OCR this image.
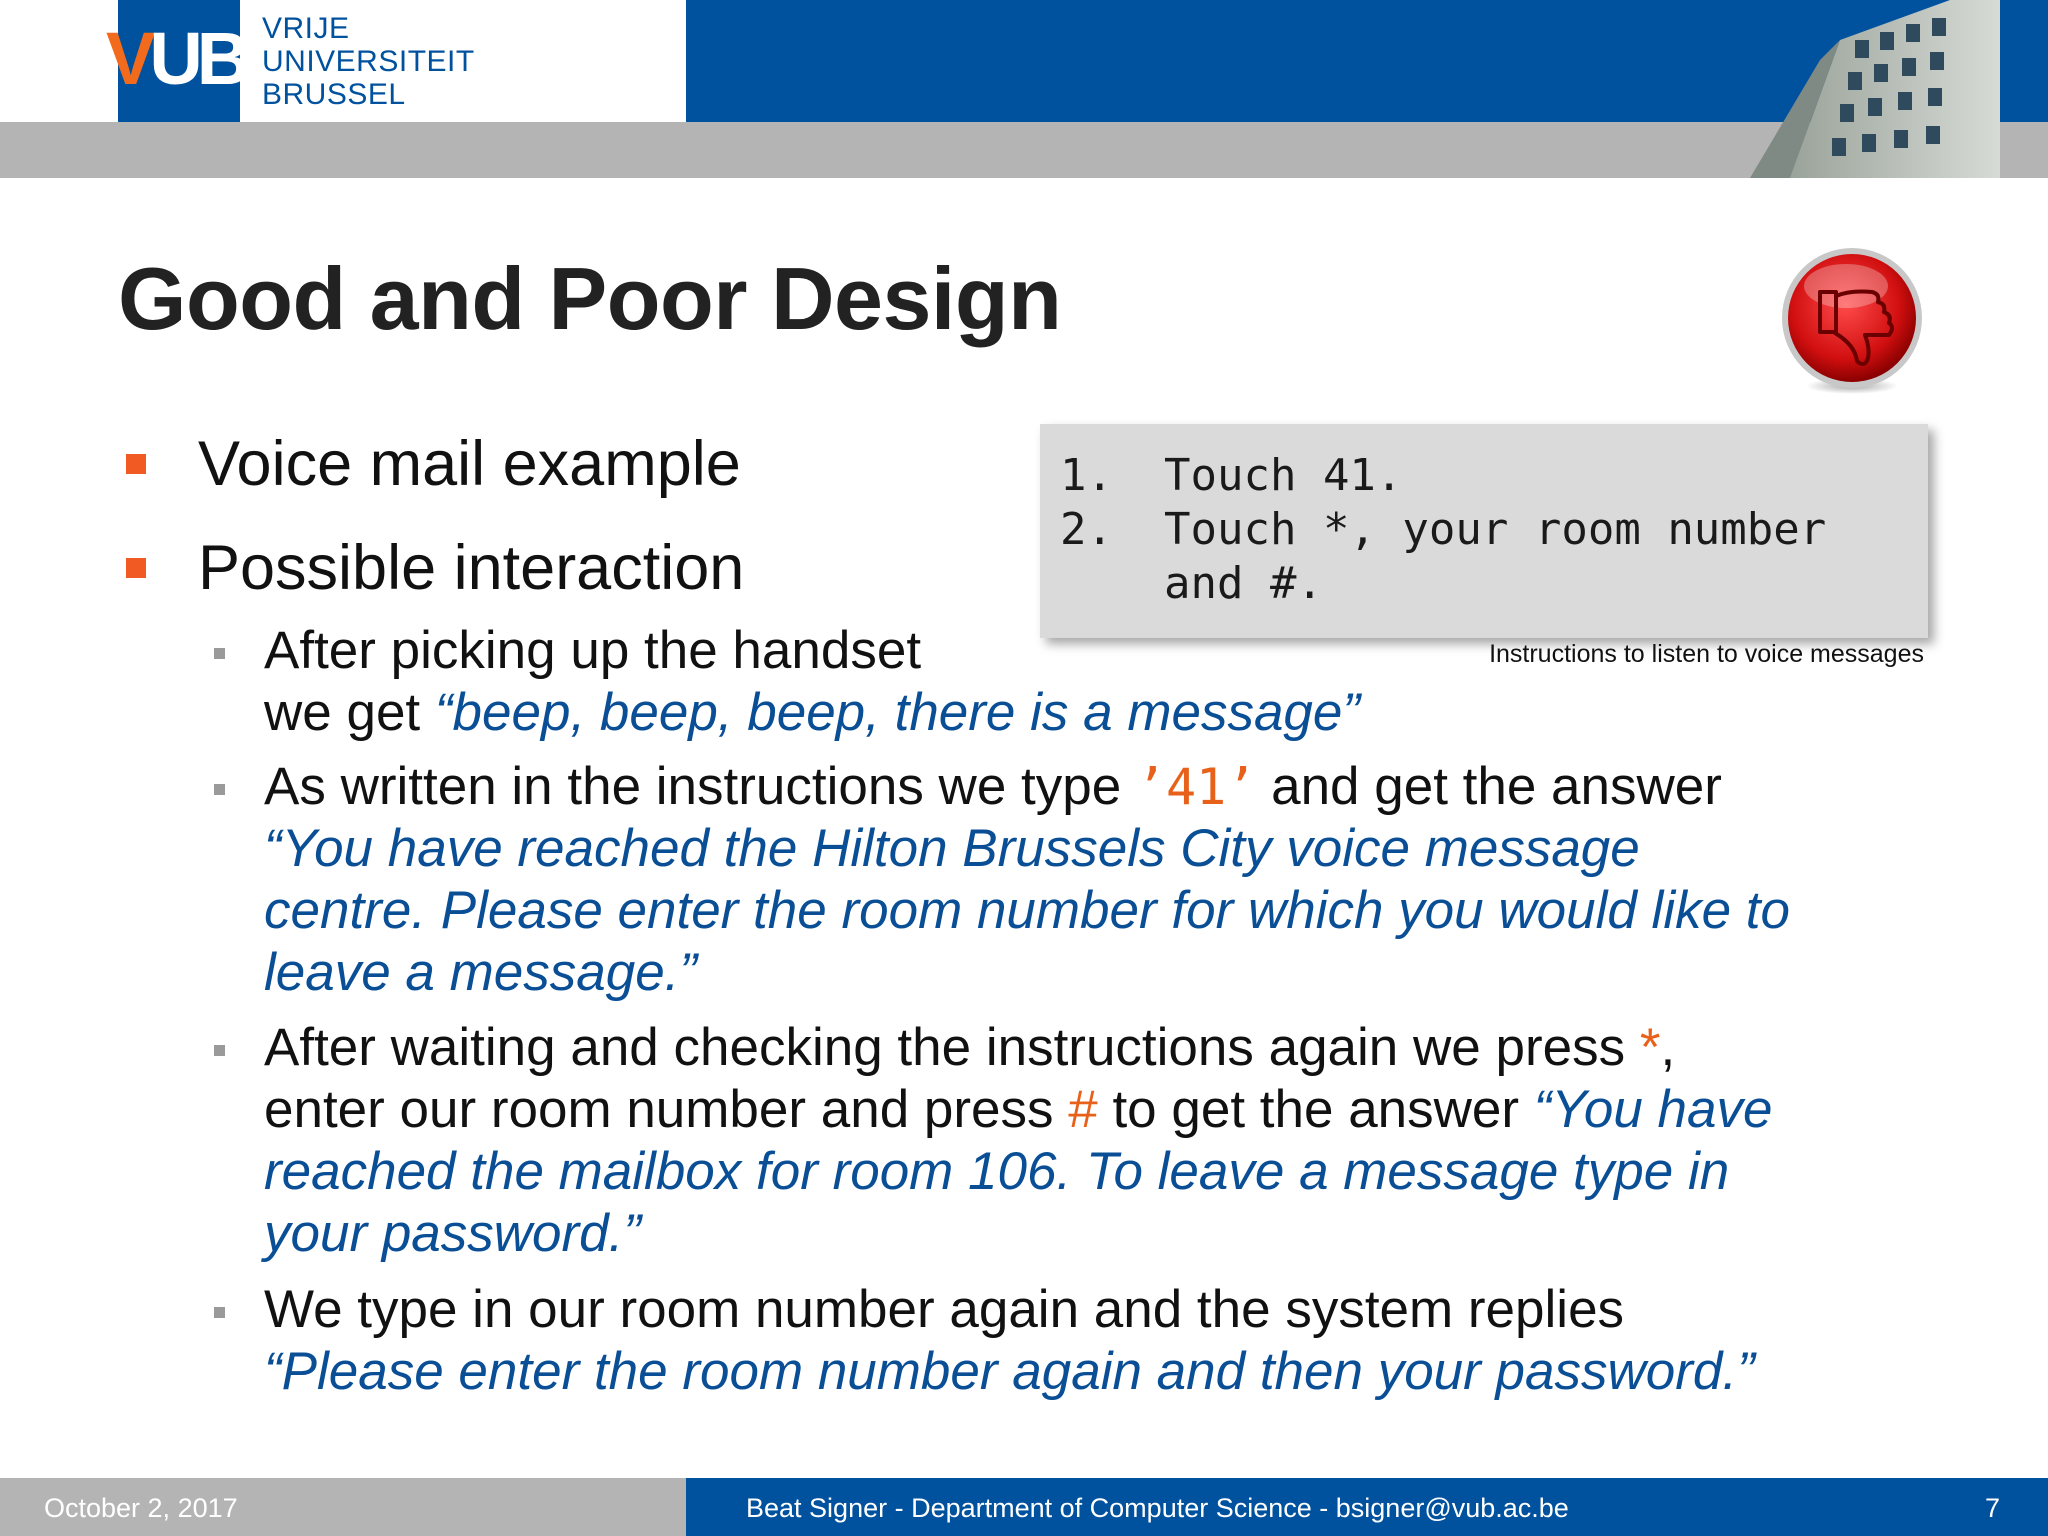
VUB VRIJE
UNIVERSITEIT
BRUSSEL
Good and Poor Design
Voice mail example
Possible interaction
1. Touch 41.
2. Touch *, your room number
and #.
Instructions to listen to voice messages
After picking up the handset
we get “beep, beep, beep, there is a message”
As written in the instructions we type ’41’ and get the answer
“You have reached the Hilton Brussels City voice message
centre. Please enter the room number for which you would like to
leave a message.”
After waiting and checking the instructions again we press *,
enter our room number and press # to get the answer “You have
reached the mailbox for room 106. To leave a message type in
your password.”
We type in our room number again and the system replies
“Please enter the room number again and then your password.”
October 2, 2017	Beat Signer - Department of Computer Science - bsigner@vub.ac.be	7
